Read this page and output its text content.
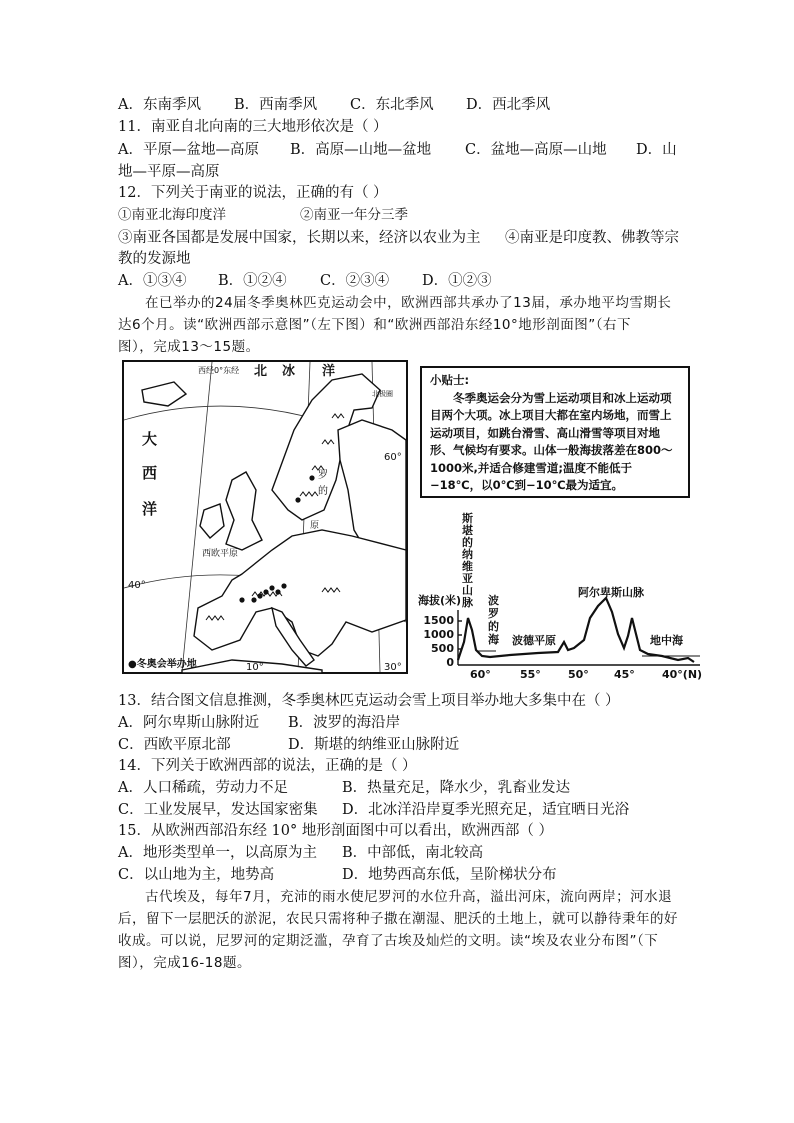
A．东南季风 B．西南季风 C．东北季风 D．西北季风
11．南亚自北向南的三大地形依次是（ ）
A．平原—盆地—高原 B．高原—山地—盆地 C．盆地—高原—山地 D．山
地—平原—高原
12．下列关于南亚的说法，正确的有（ ）
①南亚北海印度洋	②南亚一年分三季
③南亚各国都是发展中国家，长期以来，经济以农业为主 ④南亚是印度教、佛教等宗
教的发源地
A．①③④ B．①②④ C．②③④ D．①②③
在已举办的24届冬季奥林匹克运动会中，欧洲西部共承办了13届，承办地平均雪期长
达6个月。读“欧洲西部示意图”（左下图）和“欧洲西部沿东经10°地形剖面图”（右下
图），完成13～15题。
西经0°东经 北 冰 洋
大
西
洋
60°
40°
10°	30°
西欧平原
原
罗
的
北极圈
●冬奥会举办地
小贴士:
冬季奥运会分为雪上运动项目和冰上运动项目两个大项。冰上项目大都在室内场地，而雪上运动项目，如跳台滑雪、高山滑雪等项目对地形、气候均有要求。山体一般海拔落差在800～1000米,并适合修建雪道;温度不能低于−18℃，以0℃到−10℃最为适宜。
斯
堪
的
纳
维
亚
山
脉 波
罗
的
海
海拔(米)
阿尔卑斯山脉
波德平原	地中海
1500
1000
500
0
60°	55° 50° 45° 40°(N)
13．结合图文信息推测，冬季奥林匹克运动会雪上项目举办地大多集中在（ ）
A．阿尔卑斯山脉附近 B．波罗的海沿岸
C．西欧平原北部	D．斯堪的纳维亚山脉附近
14．下列关于欧洲西部的说法，正确的是（ ）
A．人口稀疏，劳动力不足	B．热量充足，降水少，乳畜业发达
C．工业发展早，发达国家密集 D．北冰洋沿岸夏季光照充足，适宜晒日光浴
15．从欧洲西部沿东经 10° 地形剖面图中可以看出，欧洲西部（ ）
A．地形类型单一，以高原为主 B．中部低，南北较高
C．以山地为主，地势高	D．地势西高东低，呈阶梯状分布
古代埃及，每年7月，充沛的雨水使尼罗河的水位升高，溢出河床，流向两岸；河水退
后，留下一层肥沃的淤泥，农民只需将种子撒在潮湿、肥沃的土地上，就可以静待秉年的好
收成。可以说，尼罗河的定期泛滥，孕育了古埃及灿烂的文明。读“埃及农业分布图”（下
图），完成16-18题。
